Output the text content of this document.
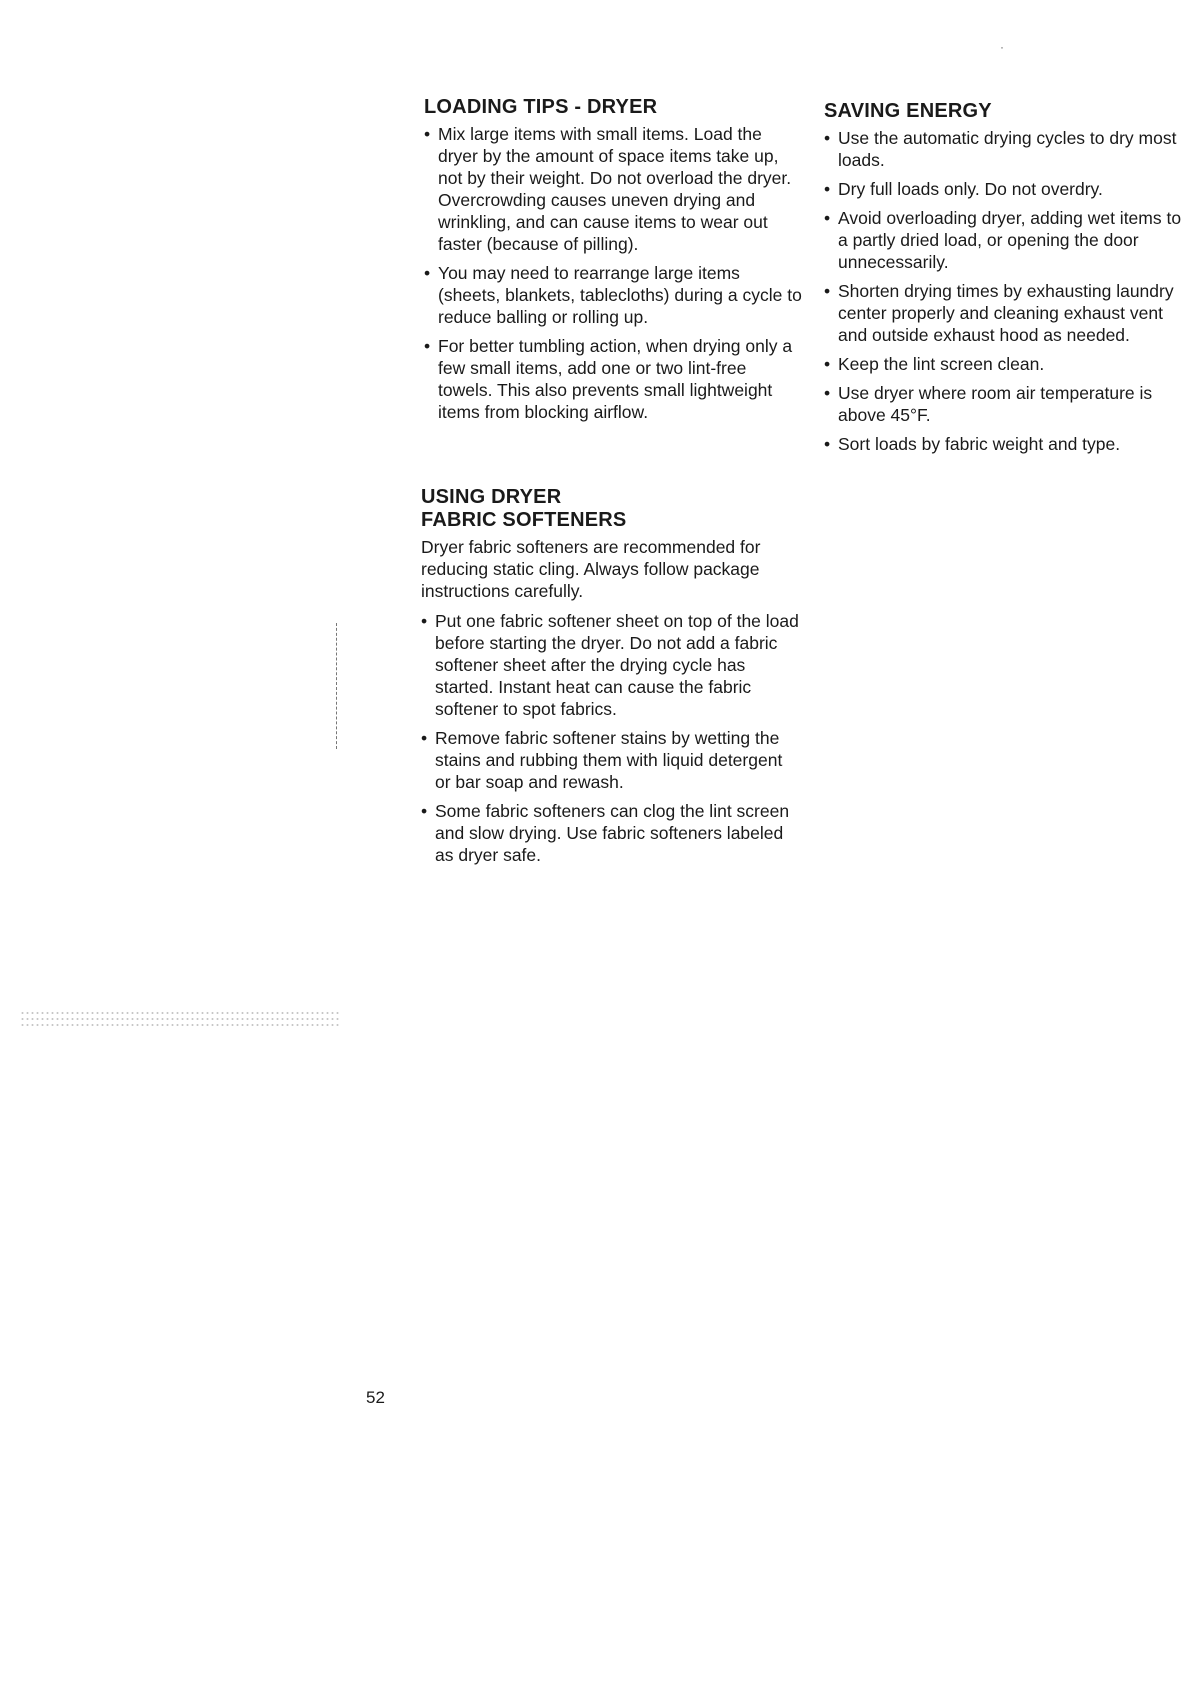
·
LOADING TIPS - DRYER
• Mix large items with small items. Load the dryer by the amount of space items take up, not by their weight. Do not overload the dryer. Overcrowding causes uneven drying and wrinkling, and can cause items to wear out faster (because of pilling).
• You may need to rearrange large items (sheets, blankets, tablecloths) during a cycle to reduce balling or rolling up.
• For better tumbling action, when drying only a few small items, add one or two lint-free towels. This also prevents small lightweight items from blocking airflow.
USING DRYER
FABRIC SOFTENERS

Dryer fabric softeners are recommended for reducing static cling. Always follow package instructions carefully.

• Put one fabric softener sheet on top of the load before starting the dryer. Do not add a fabric softener sheet after the drying cycle has started. Instant heat can cause the fabric softener to spot fabrics.
• Remove fabric softener stains by wetting the stains and rubbing them with liquid detergent or bar soap and rewash.
• Some fabric softeners can clog the lint screen and slow drying. Use fabric softeners labeled as dryer safe.
SAVING ENERGY
• Use the automatic drying cycles to dry most loads.
• Dry full loads only. Do not overdry.
• Avoid overloading dryer, adding wet items to a partly dried load, or opening the door unnecessarily.
• Shorten drying times by exhausting laundry center properly and cleaning exhaust vent and outside exhaust hood as needed.
• Keep the lint screen clean.
• Use dryer where room air temperature is above 45°F.
• Sort loads by fabric weight and type.
52
